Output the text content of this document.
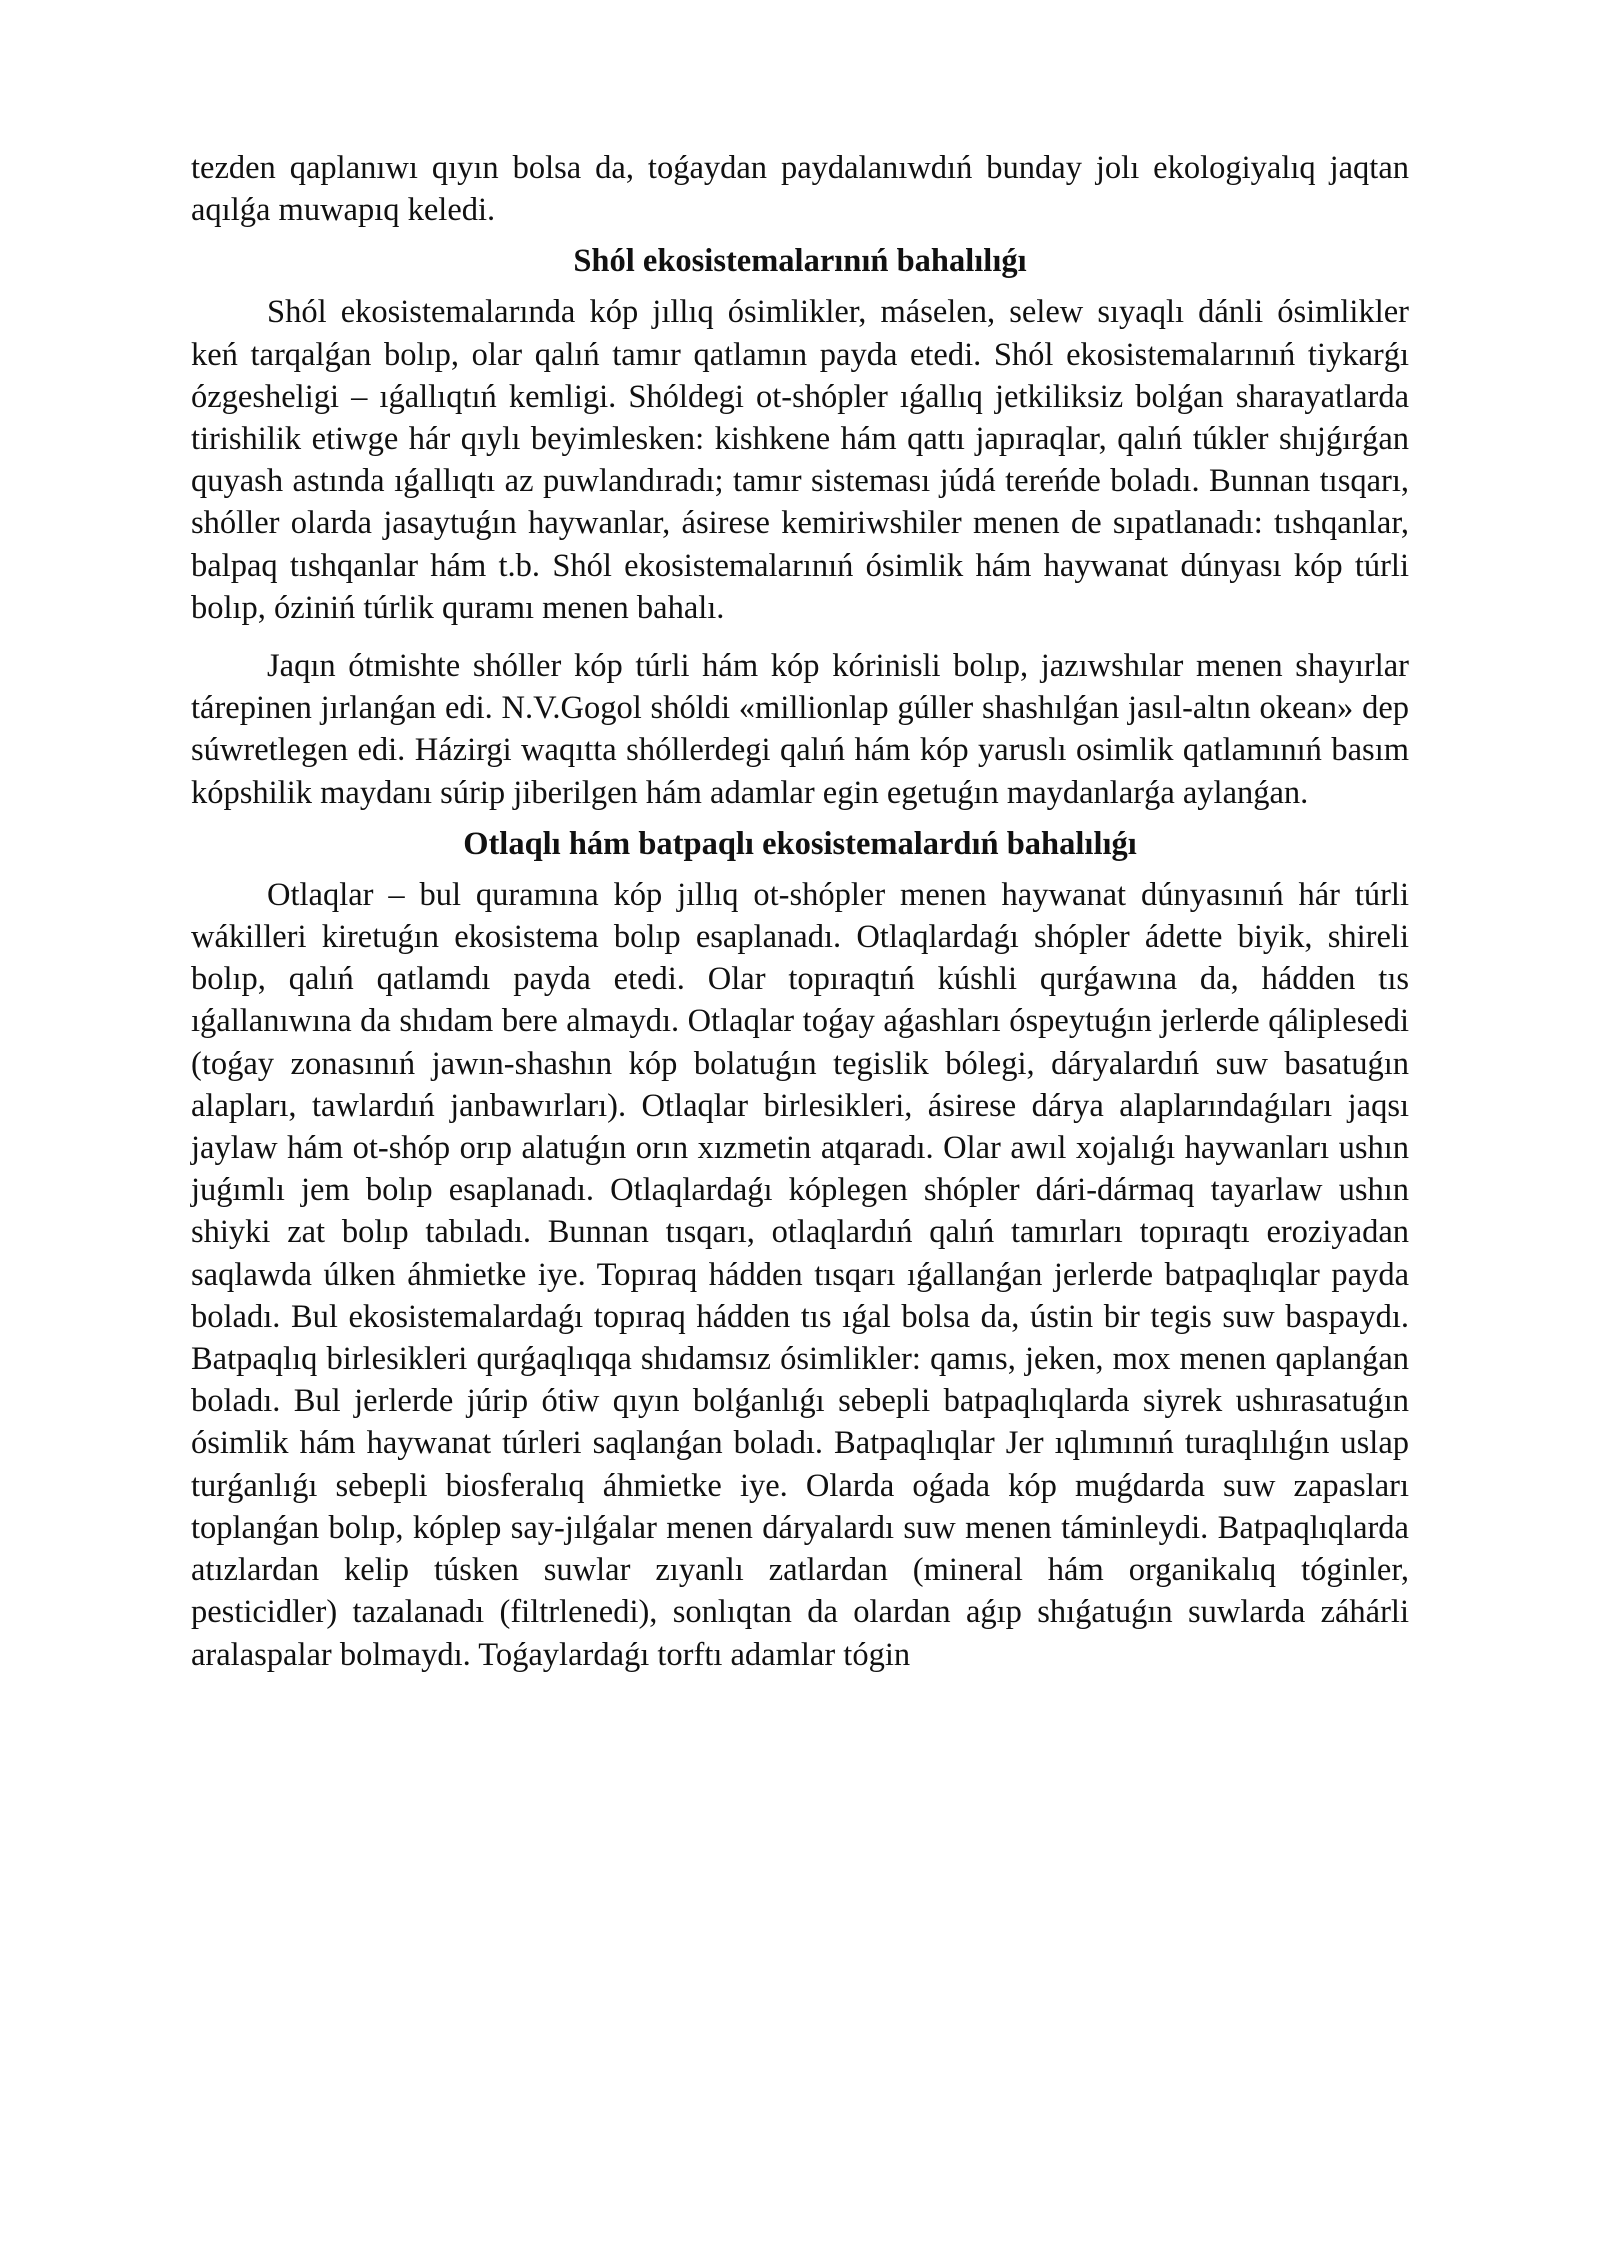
tezden qaplanıwı qıyın bolsa da, toǵaydan paydalanıwdıń bunday jolı ekologiyalıq jaqtan aqılǵa muwapıq keledi.

Shól ekosistemalarınıń bahalılıǵı

Shól ekosistemalarında kóp jıllıq ósimlikler, máselen, selew sıyaqlı dánli ósimlikler keń tarqalǵan bolıp, olar qalıń tamır qatlamın payda etedi. Shól ekosistemalarınıń tiykarǵı ózgesheligi – ıǵallıqtıń kemligi. Shóldegi ot-shópler ıǵallıq jetkiliksiz bolǵan sharayatlarda tirishilik etiwge hár qıylı beyimlesken: kishkene hám qattı japıraqlar, qalıń túkler shıjǵırǵan quyash astında ıǵallıqtı az puwlandıradı; tamır sisteması júdá tereńde boladı. Bunnan tısqarı, shóller olarda jasaytuǵın haywanlar, ásirese kemiriwshiler menen de sıpatlanadı: tıshqanlar, balpaq tıshqanlar hám t.b. Shól ekosistemalarınıń ósimlik hám haywanat dúnyası kóp túrli bolıp, óziniń túrlik quramı menen bahalı.

Jaqın ótmishte shóller kóp túrli hám kóp kórinisli bolıp, jazıwshılar menen shayırlar tárepinen jırlanǵan edi. N.V.Gogol shóldi «millionlap gúller shashılǵan jasıl-altın okean» dep súwretlegen edi. Házirgi waqıtta shóllerdegi qalıń hám kóp yaruslı osimlik qatlamınıń basım kópshilik maydanı súrip jiberilgen hám adamlar egin egetuǵın maydanlarǵa aylanǵan.

Otlaqlı hám batpaqlı ekosistemalardıń bahalılıǵı

Otlaqlar – bul quramına kóp jıllıq ot-shópler menen haywanat dúnyasınıń hár túrli wákilleri kiretuǵın ekosistema bolıp esaplanadı. Otlaqlardaǵı shópler ádette biyik, shireli bolıp, qalıń qatlamdı payda etedi. Olar topıraqtıń kúshli qurǵawına da, hádden tıs ıǵallanıwına da shıdam bere almaydı. Otlaqlar toǵay aǵashları óspeytuǵın jerlerde qáliplesedi (toǵay zonasınıń jawın-shashın kóp bolatuǵın tegislik bólegi, dáryalardıń suw basatuǵın alapları, tawlardıń janbawırları). Otlaqlar birlesikleri, ásirese dárya alaplarındaǵıları jaqsı jaylaw hám ot-shóp orıp alatuǵın orın xızmetin atqaradı. Olar awıl xojalıǵı haywanları ushın juǵımlı jem bolıp esaplanadı. Otlaqlardaǵı kóplegen shópler dári-dármaq tayarlaw ushın shiyki zat bolıp tabıladı. Bunnan tısqarı, otlaqlardıń qalıń tamırları topıraqtı eroziyadan saqlawda úlken áhmietke iye. Topıraq hádden tısqarı ıǵallanǵan jerlerde batpaqlıqlar payda boladı. Bul ekosistemalardaǵı topıraq hádden tıs ıǵal bolsa da, ústin bir tegis suw baspaydı. Batpaqlıq birlesikleri qurǵaqlıqqa shıdamsız ósimlikler: qamıs, jeken, mox menen qaplanǵan boladı. Bul jerlerde júrip ótiw qıyın bolǵanlıǵı sebepli batpaqlıqlarda siyrek ushırasatuǵın ósimlik hám haywanat túrleri saqlanǵan boladı. Batpaqlıqlar Jer ıqlımınıń turaqlılıǵın uslap turǵanlıǵı sebepli biosferalıq áhmietke iye. Olarda oǵada kóp muǵdarda suw zapasları toplanǵan bolıp, kóplep say-jılǵalar menen dáryalardı suw menen táminleydi. Batpaqlıqlarda atızlardan kelip túsken suwlar zıyanlı zatlardan (mineral hám organikalıq tóginler, pesticidler) tazalanadı (filtrlenedi), sonlıqtan da olardan aǵıp shıǵatuǵın suwlarda záhárli aralaspalar bolmaydı. Toǵaylardaǵı torftı adamlar tógin
